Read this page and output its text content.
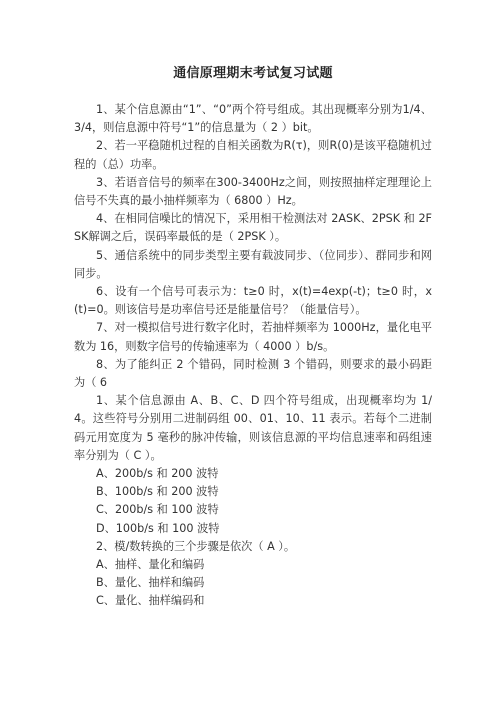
通信原理期末考试复习试题

1、某个信息源由“1”、“0”两个符号组成。其出现概率分别为1/4、3/4，则信息源中符号“1”的信息量为（ 2 ）bit。

2、若一平稳随机过程的自相关函数为R(τ)，则R(0)是该平稳随机过程的（总）功率。

3、若语音信号的频率在300-3400Hz之间，则按照抽样定理理论上信号不失真的最小抽样频率为（ 6800 ）Hz。

4、在相同信噪比的情况下，采用相干检测法对 2ASK、2PSK 和 2FSK解调之后，误码率最低的是（ 2PSK ）。

5、通信系统中的同步类型主要有载波同步、（位同步）、群同步和网同步。

6、设有一个信号可表示为：t≥0 时，x(t)=4exp(-t)；t≥0 时，x(t)=0。则该信号是功率信号还是能量信号？（能量信号）。

7、对一模拟信号进行数字化时，若抽样频率为 1000Hz，量化电平数为 16，则数字信号的传输速率为（ 4000 ）b/s。

8、为了能纠正 2 个错码，同时检测 3 个错码，则要求的最小码距为（ 6

1、某个信息源由 A、B、C、D 四个符号组成，出现概率均为 1/4。这些符号分别用二进制码组 00、01、10、11 表示。若每个二进制码元用宽度为 5 毫秒的脉冲传输，则该信息源的平均信息速率和码组速率分别为（ C ）。

A、200b/s 和 200 波特

B、100b/s 和 200 波特

C、200b/s 和 100 波特

D、100b/s 和 100 波特

2、模/数转换的三个步骤是依次（ A ）。

A、抽样、量化和编码

B、量化、抽样和编码

C、量化、抽样编码和
